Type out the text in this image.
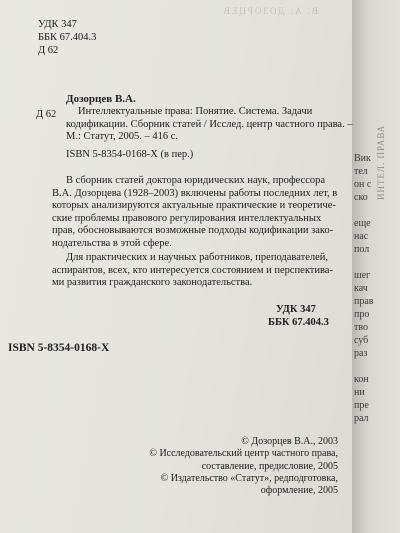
В. А. ДОЗОРЦЕВ
УДК 347
ББК 67.404.3
Д 62
Д 62
Дозорцев В.А.
Интеллектуальные права: Понятие. Система. Задачи
кодификации. Сборник статей / Исслед. центр частного права. –
М.: Статут, 2005. – 416 с.
ISBN 5-8354-0168-X (в пер.)
В сборник статей доктора юридических наук, профессора
В.А. Дозорцева (1928–2003) включены работы последних лет, в
которых анализируются актуальные практические и теоретиче-
ские проблемы правового регулирования интеллектуальных
прав, обосновываются возможные подходы кодификации зако-
нодательства в этой сфере.
Для практических и научных работников, преподавателей,
аспирантов, всех, кто интересуется состоянием и перспектива-
ми развития гражданского законодательства.
УДК 347
ББК 67.404.3
ISBN 5-8354-0168-X
© Дозорцев В.А., 2003
© Исследовательский центр частного права,
составление, предисловие, 2005
© Издательство «Статут», редподготовка,
оформление, 2005
Вик
тел
он с
ско
еще
нас
пол
шег
кач
прав
про
тво
суб
раз
кон
ни
пре
рал
ИНТЕЛ. ПРАВА
